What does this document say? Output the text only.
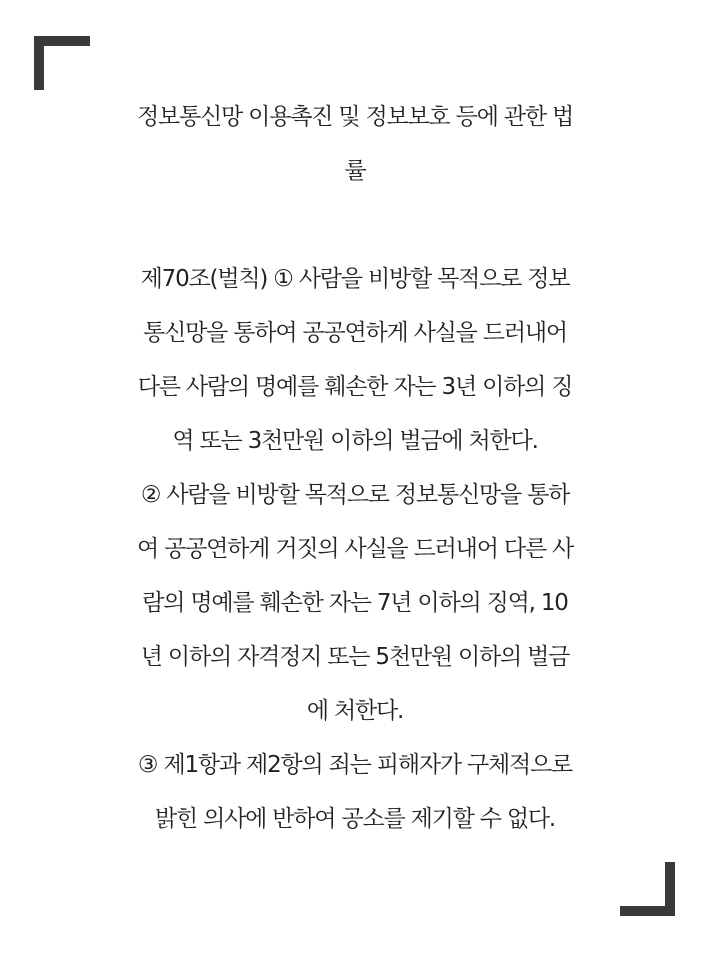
정보통신망 이용촉진 및 정보보호 등에 관한 법
률
제70조(벌칙) ① 사람을 비방할 목적으로 정보
통신망을 통하여 공공연하게 사실을 드러내어
다른 사람의 명예를 훼손한 자는 3년 이하의 징
역 또는 3천만원 이하의 벌금에 처한다.
② 사람을 비방할 목적으로 정보통신망을 통하
여 공공연하게 거짓의 사실을 드러내어 다른 사
람의 명예를 훼손한 자는 7년 이하의 징역, 10
년 이하의 자격정지 또는 5천만원 이하의 벌금
에 처한다.
③ 제1항과 제2항의 죄는 피해자가 구체적으로
밝힌 의사에 반하여 공소를 제기할 수 없다.
